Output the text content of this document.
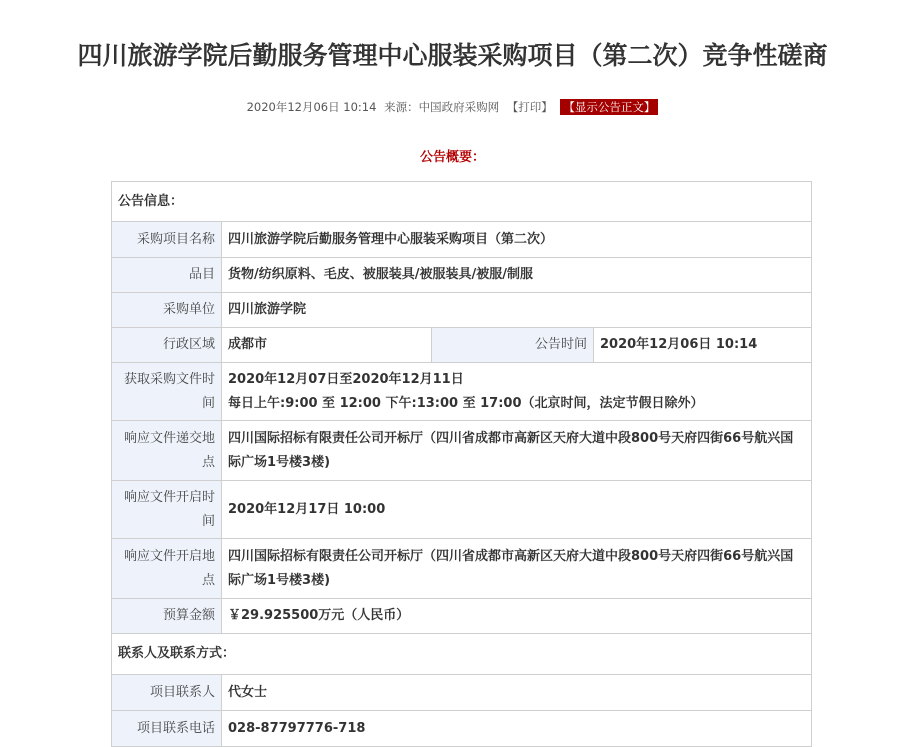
四川旅游学院后勤服务管理中心服装采购项目（第二次）竞争性磋商
2020年12月06日 10:14 来源：中国政府采购网 【打印】 【显示公告正文】
公告概要：
公告信息：			
采购项目名称	四川旅游学院后勤服务管理中心服装采购项目（第二次）		
品目	货物/纺织原料、毛皮、被服装具/被服装具/被服/制服		
采购单位	四川旅游学院		
行政区域	成都市	公告时间	2020年12月06日 10:14
获取采购文件时间	2020年12月07日至2020年12月11日
每日上午:9:00 至 12:00 下午:13:00 至 17:00（北京时间，法定节假日除外）		

响应文件递交地点	四川国际招标有限责任公司开标厅（四川省成都市高新区天府大道中段800号天府四街66号航兴国际广场1号楼3楼)		
响应文件开启时间	2020年12月17日 10:00		
响应文件开启地点	四川国际招标有限责任公司开标厅（四川省成都市高新区天府大道中段800号天府四街66号航兴国际广场1号楼3楼)		
预算金额	￥29.925500万元（人民币）		
联系人及联系方式：			
项目联系人	代女士		
项目联系电话	028-87797776-718		
